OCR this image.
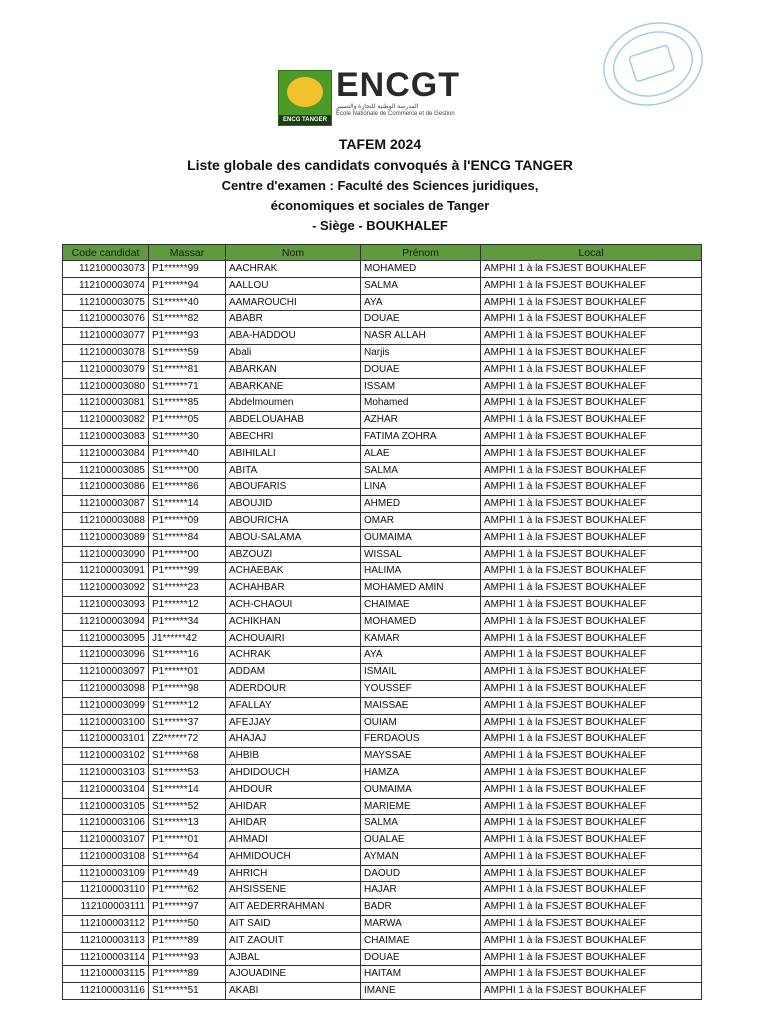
ENCG TANGER
ENCGT
المدرسة الوطنية للتجارة والتسيير
École Nationale de Commerce et de Gestion
TAFEM 2024
Liste globale des candidats convoqués à l'ENCG TANGER
Centre d'examen : Faculté des Sciences juridiques,
économiques et sociales de Tanger
- Siège - BOUKHALEF
Code candidat	Massar	Nom	Prénom	Local
112100003073	P1******99	AACHRAK	MOHAMED	AMPHI 1 à la FSJEST BOUKHALEF
112100003074	P1******94	AALLOU	SALMA	AMPHI 1 à la FSJEST BOUKHALEF
112100003075	S1******40	AAMAROUCHI	AYA	AMPHI 1 à la FSJEST BOUKHALEF
112100003076	S1******82	ABABR	DOUAE	AMPHI 1 à la FSJEST BOUKHALEF
112100003077	P1******93	ABA-HADDOU	NASR ALLAH	AMPHI 1 à la FSJEST BOUKHALEF
112100003078	S1******59	Abali	Narjis	AMPHI 1 à la FSJEST BOUKHALEF
112100003079	S1******81	ABARKAN	DOUAE	AMPHI 1 à la FSJEST BOUKHALEF
112100003080	S1******71	ABARKANE	ISSAM	AMPHI 1 à la FSJEST BOUKHALEF
112100003081	S1******85	Abdelmoumen	Mohamed	AMPHI 1 à la FSJEST BOUKHALEF
112100003082	P1******05	ABDELOUAHAB	AZHAR	AMPHI 1 à la FSJEST BOUKHALEF
112100003083	S1******30	ABECHRI	FATIMA ZOHRA	AMPHI 1 à la FSJEST BOUKHALEF
112100003084	P1******40	ABIHILALI	ALAE	AMPHI 1 à la FSJEST BOUKHALEF
112100003085	S1******00	ABITA	SALMA	AMPHI 1 à la FSJEST BOUKHALEF
112100003086	E1******86	ABOUFARIS	LINA	AMPHI 1 à la FSJEST BOUKHALEF
112100003087	S1******14	ABOUJID	AHMED	AMPHI 1 à la FSJEST BOUKHALEF
112100003088	P1******09	ABOURICHA	OMAR	AMPHI 1 à la FSJEST BOUKHALEF
112100003089	S1******84	ABOU-SALAMA	OUMAIMA	AMPHI 1 à la FSJEST BOUKHALEF
112100003090	P1******00	ABZOUZI	WISSAL	AMPHI 1 à la FSJEST BOUKHALEF
112100003091	P1******99	ACHAEBAK	HALIMA	AMPHI 1 à la FSJEST BOUKHALEF
112100003092	S1******23	ACHAHBAR	MOHAMED AMIN	AMPHI 1 à la FSJEST BOUKHALEF
112100003093	P1******12	ACH-CHAOUI	CHAIMAE	AMPHI 1 à la FSJEST BOUKHALEF
112100003094	P1******34	ACHIKHAN	MOHAMED	AMPHI 1 à la FSJEST BOUKHALEF
112100003095	J1******42	ACHOUAIRI	KAMAR	AMPHI 1 à la FSJEST BOUKHALEF
112100003096	S1******16	ACHRAK	AYA	AMPHI 1 à la FSJEST BOUKHALEF
112100003097	P1******01	ADDAM	ISMAIL	AMPHI 1 à la FSJEST BOUKHALEF
112100003098	P1******98	ADERDOUR	YOUSSEF	AMPHI 1 à la FSJEST BOUKHALEF
112100003099	S1******12	AFALLAY	MAISSAE	AMPHI 1 à la FSJEST BOUKHALEF
112100003100	S1******37	AFEJJAY	OUIAM	AMPHI 1 à la FSJEST BOUKHALEF
112100003101	Z2******72	AHAJAJ	FERDAOUS	AMPHI 1 à la FSJEST BOUKHALEF
112100003102	S1******68	AHBIB	MAYSSAE	AMPHI 1 à la FSJEST BOUKHALEF
112100003103	S1******53	AHDIDOUCH	HAMZA	AMPHI 1 à la FSJEST BOUKHALEF
112100003104	S1******14	AHDOUR	OUMAIMA	AMPHI 1 à la FSJEST BOUKHALEF
112100003105	S1******52	AHIDAR	MARIEME	AMPHI 1 à la FSJEST BOUKHALEF
112100003106	S1******13	AHIDAR	SALMA	AMPHI 1 à la FSJEST BOUKHALEF
112100003107	P1******01	AHMADI	OUALAE	AMPHI 1 à la FSJEST BOUKHALEF
112100003108	S1******64	AHMIDOUCH	AYMAN	AMPHI 1 à la FSJEST BOUKHALEF
112100003109	P1******49	AHRICH	DAOUD	AMPHI 1 à la FSJEST BOUKHALEF
112100003110	P1******62	AHSISSENE	HAJAR	AMPHI 1 à la FSJEST BOUKHALEF
112100003111	P1******97	AIT AEDERRAHMAN	BADR	AMPHI 1 à la FSJEST BOUKHALEF
112100003112	P1******50	AIT SAID	MARWA	AMPHI 1 à la FSJEST BOUKHALEF
112100003113	P1******89	AIT ZAOUIT	CHAIMAE	AMPHI 1 à la FSJEST BOUKHALEF
112100003114	P1******93	AJBAL	DOUAE	AMPHI 1 à la FSJEST BOUKHALEF
112100003115	P1******89	AJOUADINE	HAITAM	AMPHI 1 à la FSJEST BOUKHALEF
112100003116	S1******51	AKABI	IMANE	AMPHI 1 à la FSJEST BOUKHALEF
